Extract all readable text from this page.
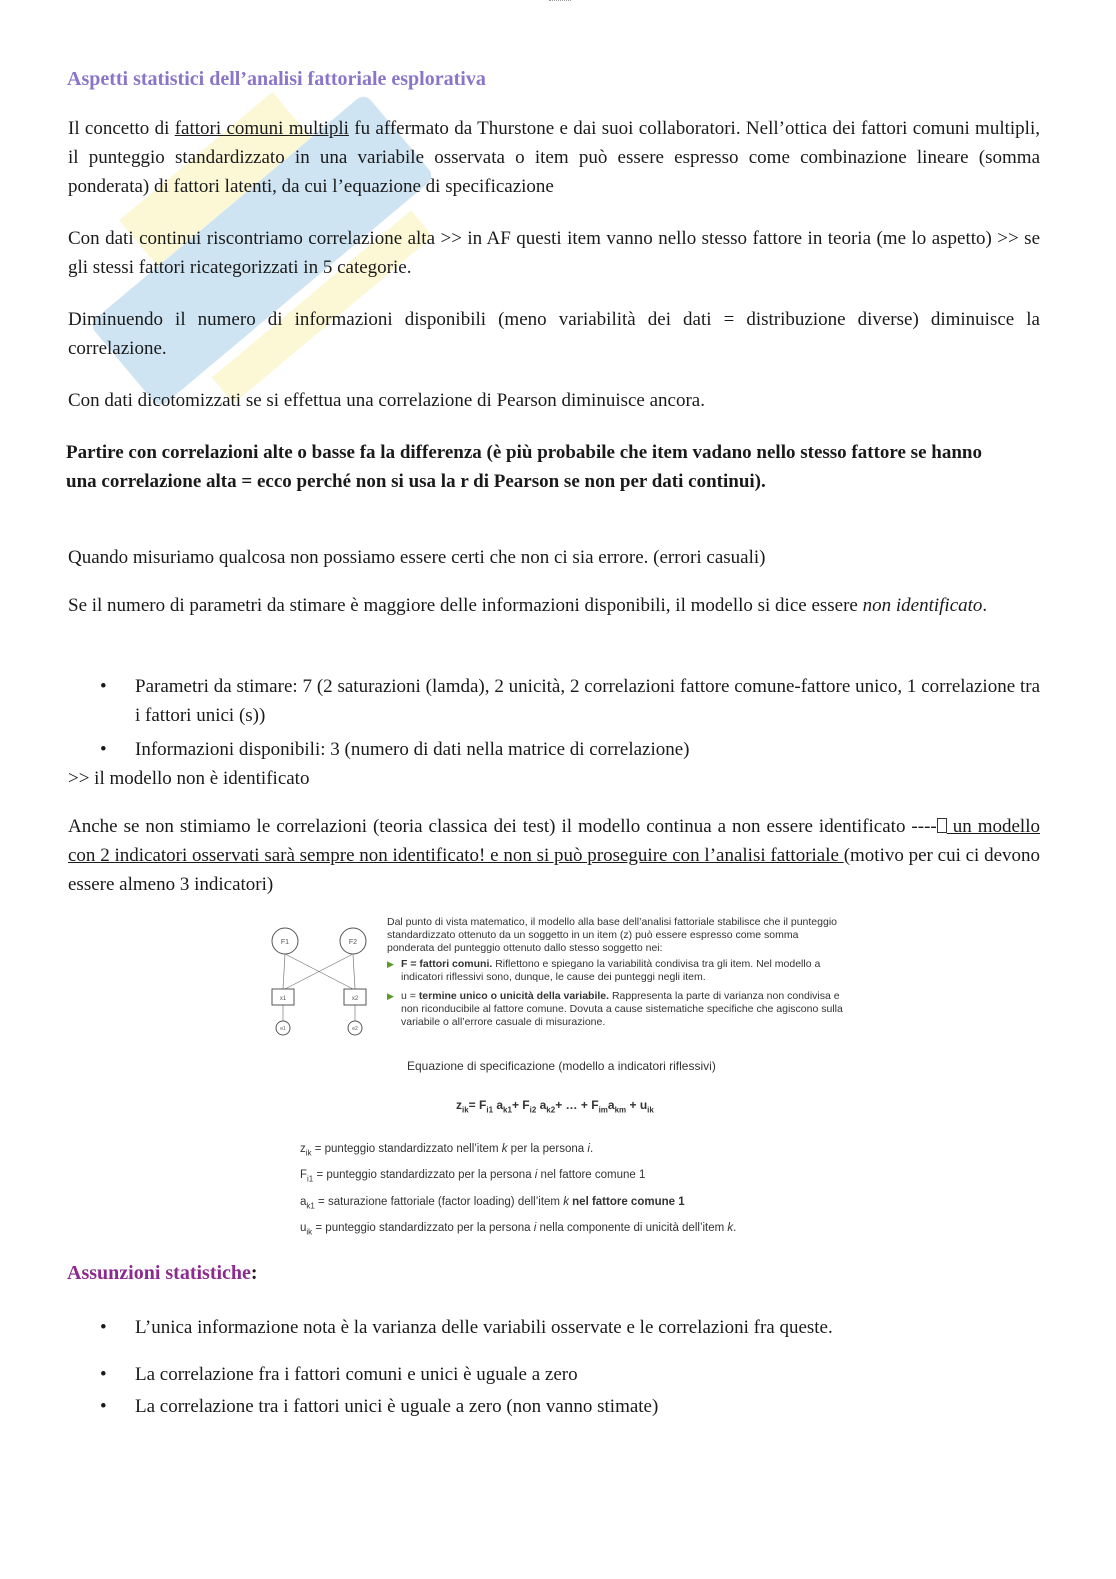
Aspetti statistici dell’analisi fattoriale esplorativa

Il concetto di fattori comuni multipli fu affermato da Thurstone e dai suoi collaboratori. Nell’ottica dei fattori comuni multipli, il punteggio standardizzato in una variabile osservata o item può essere espresso come combinazione lineare (somma ponderata) di fattori latenti, da cui l’equazione di specificazione

Con dati continui riscontriamo correlazione alta >> in AF questi item vanno nello stesso fattore in teoria (me lo aspetto) >> se gli stessi fattori ricategorizzati in 5 categorie.

Diminuendo il numero di informazioni disponibili (meno variabilità dei dati = distribuzione diverse) diminuisce la correlazione.

Con dati dicotomizzati se si effettua una correlazione di Pearson diminuisce ancora.

Partire con correlazioni alte o basse fa la differenza (è più probabile che item vadano nello stesso fattore se hanno una correlazione alta = ecco perché non si usa la r di Pearson se non per dati continui).

Quando misuriamo qualcosa non possiamo essere certi che non ci sia errore. (errori casuali)

Se il numero di parametri da stimare è maggiore delle informazioni disponibili, il modello si dice essere non identificato.

• Parametri da stimare: 7 (2 saturazioni (lamda), 2 unicità, 2 correlazioni fattore comune-fattore unico, 1 correlazione tra i fattori unici (s))
• Informazioni disponibili: 3 (numero di dati nella matrice di correlazione)

>> il modello non è identificato

Anche se non stimiamo le correlazioni (teoria classica dei test) il modello continua a non essere identificato ---- un modello con 2 indicatori osservati sarà sempre non identificato! e non si può proseguire con l’analisi fattoriale (motivo per cui ci devono essere almeno 3 indicatori)

F1	F2
x1	x2
e1	e2
Dal punto di vista matematico, il modello alla base dell’analisi fattoriale stabilisce che il punteggio standardizzato ottenuto da un soggetto in un item (z) può essere espresso come somma ponderata del punteggio ottenuto dallo stesso soggetto nei:
▶ F = fattori comuni. Riflettono e spiegano la variabilità condivisa tra gli item. Nel modello a indicatori riflessivi sono, dunque, le cause dei punteggi negli item.
▶ u = termine unico o unicità della variabile. Rappresenta la parte di varianza non condivisa e non riconducibile al fattore comune. Dovuta a cause sistematiche specifiche che agiscono sulla variabile o all’errore casuale di misurazione.
Equazione di specificazione (modello a indicatori riflessivi)
$z_{ik}= F_{i1}$ $a_{k1}+ F_{i2}$ $a_{k2}+$ … + $F_{im}a_{km} + u_{ik}$
$z_{ik}$ = punteggio standardizzato nell’item k per la persona i.
$F_{i1}$ = punteggio standardizzato per la persona i nel fattore comune 1
$a_{k1}$ = saturazione fattoriale (factor loading) dell’item k nel fattore comune 1
$u_{ik}$ = punteggio standardizzato per la persona i nella componente di unicità dell’item k.
Assunzioni statistiche:
• L’unica informazione nota è la varianza delle variabili osservate e le correlazioni fra queste.
• La correlazione fra i fattori comuni e unici è uguale a zero
• La correlazione tra i fattori unici è uguale a zero (non vanno stimate)
